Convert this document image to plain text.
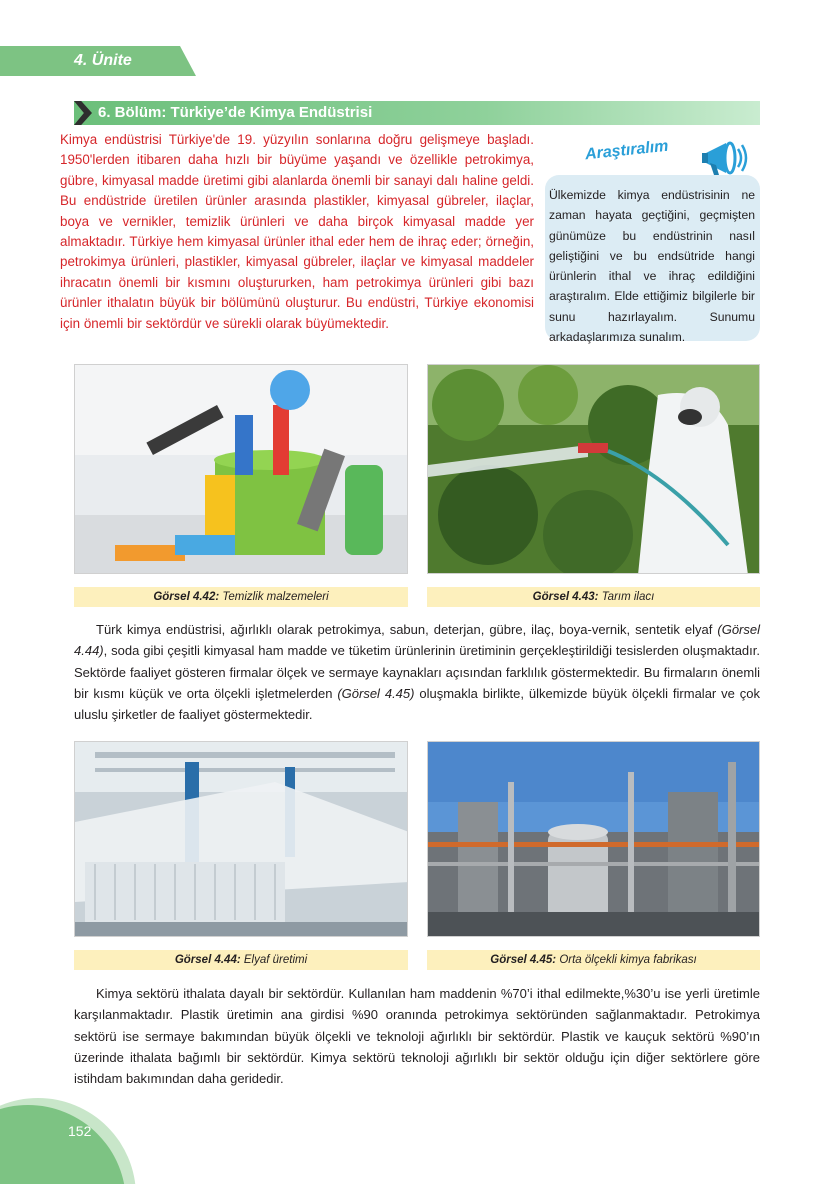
4. Ünite
6. Bölüm: Türkiye’de Kimya Endüstrisi

Kimya endüstrisi Türkiye'de 19. yüzyılın sonlarına doğru gelişmeye başladı. 1950'lerden itibaren daha hızlı bir büyüme yaşandı ve özellikle petrokimya, gübre, kimyasal madde üretimi gibi alanlarda önemli bir sanayi dalı haline geldi. Bu endüstride üretilen ürünler arasında plastikler, kimyasal gübreler, ilaçlar, boya ve vernikler, temizlik ürünleri ve daha birçok kimyasal madde yer almaktadır. Türkiye hem kimyasal ürünler ithal eder hem de ihraç eder; örneğin, petrokimya ürünleri, plastikler, kimyasal gübreler, ilaçlar ve kimyasal maddeler ihracatın önemli bir kısmını oluştururken, ham petrokimya ürünleri gibi bazı ürünler ithalatın büyük bir bölümünü oluşturur. Bu endüstri, Türkiye ekonomisi için önemli bir sektördür ve sürekli olarak büyümektedir.

Araştıralım

Ülkemizde kimya endüstrisinin ne zaman hayata geçtiğini, geçmişten günümüze bu endüstrinin nasıl geliştiğini ve bu endsütride hangi ürünlerin ithal ve ihraç edildiğini araştıralım. Elde ettiğimiz bilgilerle bir sunu hazırlayalım. Sunumu arkadaşlarımıza sunalım.

Görsel 4.42: Temizlik malzemeleri	Görsel 4.43: Tarım ilacı

Türk kimya endüstrisi, ağırlıklı olarak petrokimya, sabun, deterjan, gübre, ilaç, boya-vernik, sentetik elyaf (Görsel 4.44), soda gibi çeşitli kimyasal ham madde ve tüketim ürünlerinin üretiminin gerçekleştirildiği tesislerden oluşmaktadır. Sektörde faaliyet gösteren firmalar ölçek ve sermaye kaynakları açısından farklılık göstermektedir. Bu firmaların önemli bir kısmı küçük ve orta ölçekli işletmelerden (Görsel 4.45) oluşmakla birlikte, ülkemizde büyük ölçekli firmalar ve çok uluslu şirketler de faaliyet göstermektedir.

Görsel 4.44: Elyaf üretimi	Görsel 4.45: Orta ölçekli kimya fabrikası

Kimya sektörü ithalata dayalı bir sektördür. Kullanılan ham maddenin %70’i ithal edilmekte,%30’u ise yerli üretimle karşılanmaktadır. Plastik üretimin ana girdisi %90 oranında petrokimya sektöründen sağlanmaktadır. Petrokimya sektörü ise sermaye bakımından büyük ölçekli ve teknoloji ağırlıklı bir sektördür. Plastik ve kauçuk sektörü %90’ın üzerinde ithalata bağımlı bir sektördür. Kimya sektörü teknoloji ağırlıklı bir sektör olduğu için diğer sektörlere göre istihdam bakımından daha geridedir.

152
